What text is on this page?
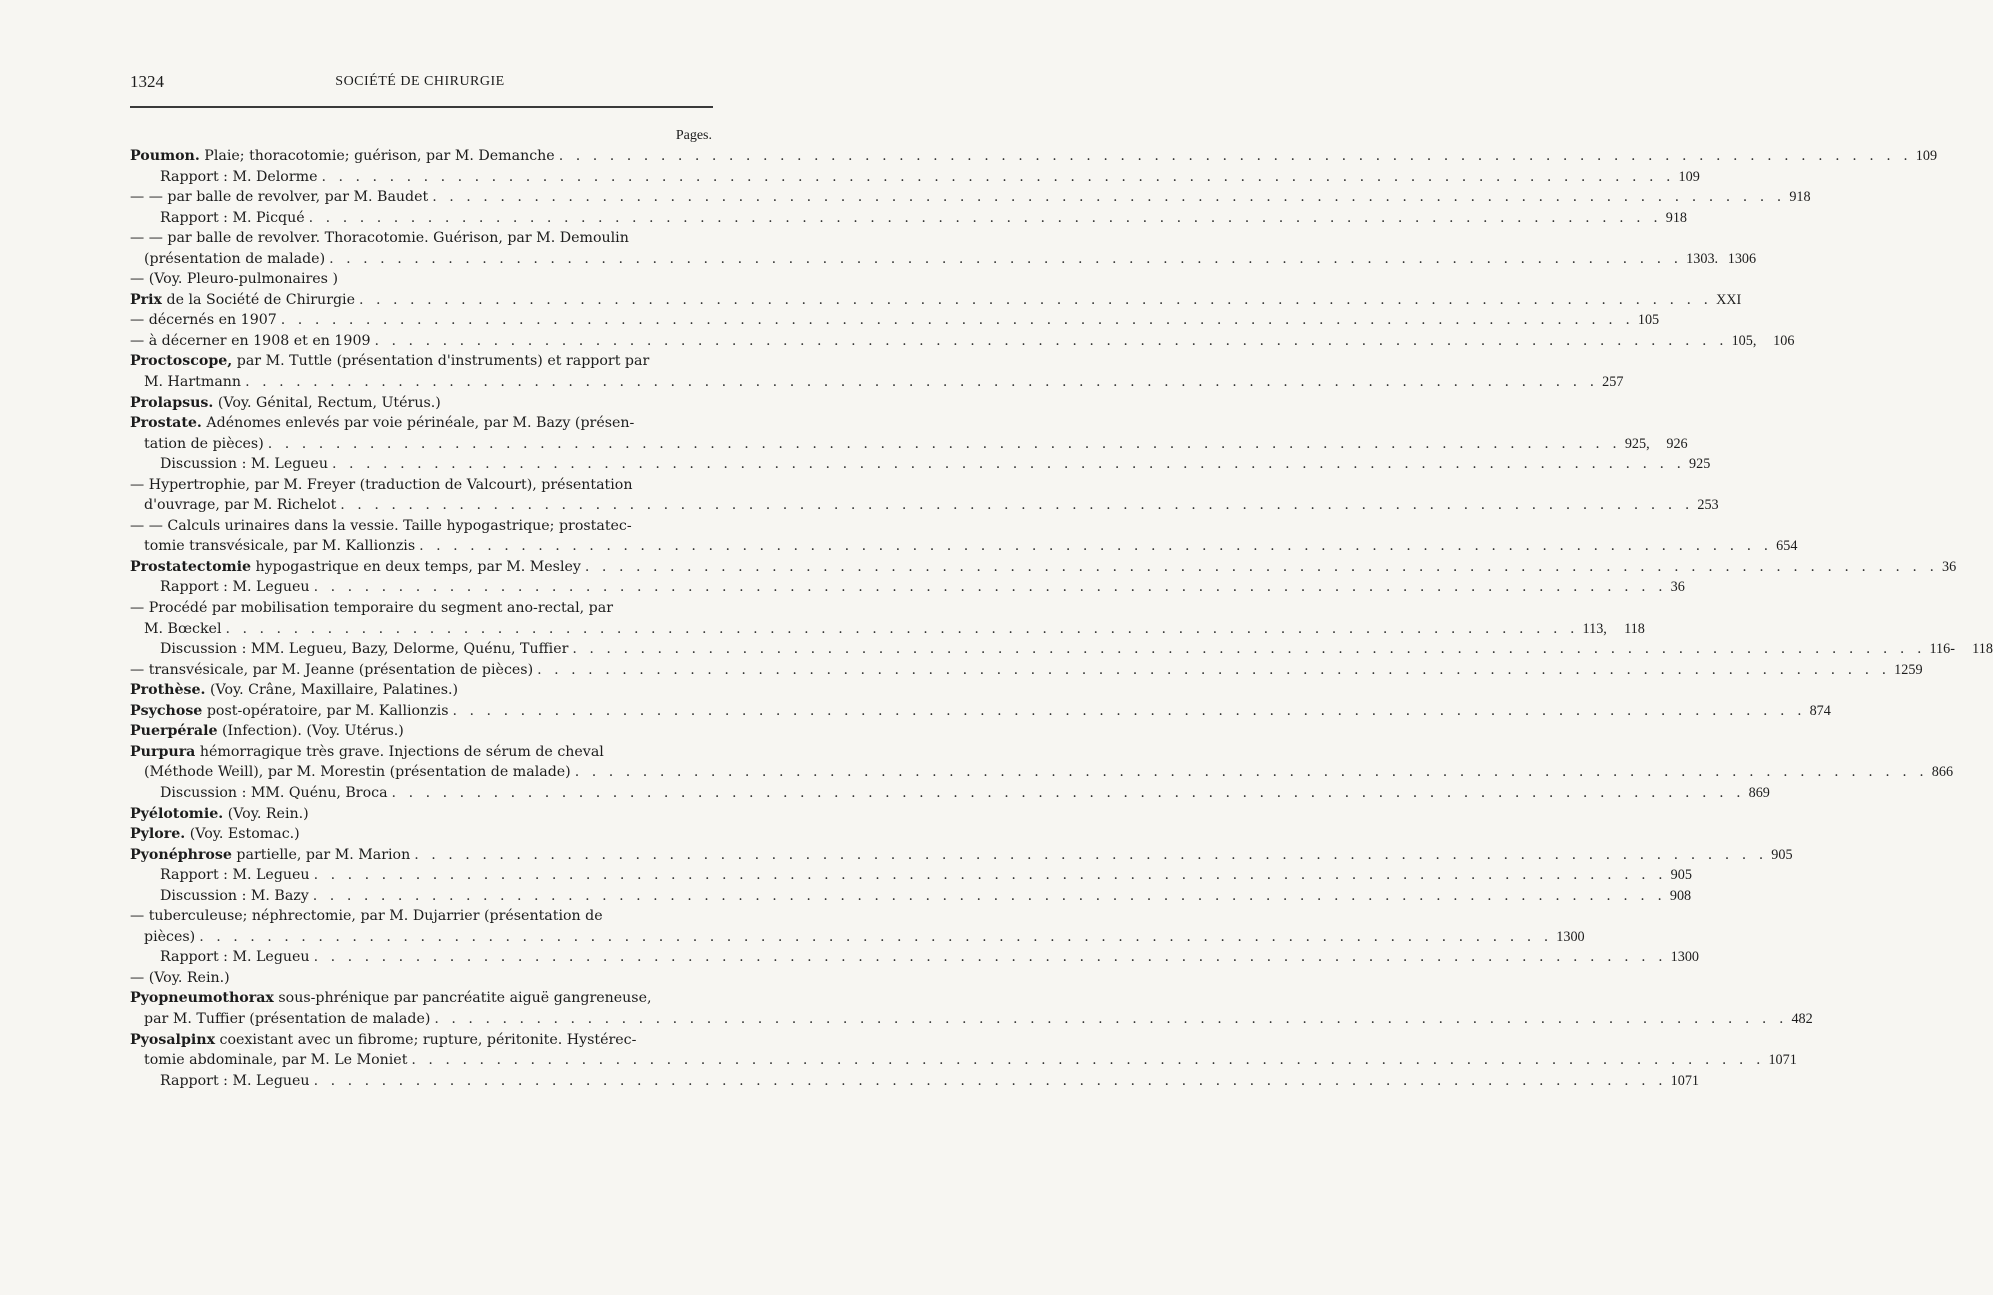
1324	SOCIÉTÉ DE CHIRURGIE
Pages.
Poumon. Plaie; thoracotomie; guérison, par M. Demanche . . . . . . . . . . . . . . . . . . . . . . . . . . . . . . . . . . . . . . . . . . . . . . . . . . . . . . . . . . . . . . . . . . . . . . . . . . . . . . . . 109
Rapport : M. Delorme . . . . . . . . . . . . . . . . . . . . . . . . . . . . . . . . . . . . . . . . . . . . . . . . . . . . . . . . . . . . . . . . . . . . . . . . . . . . . . . . 109
— — par balle de revolver, par M. Baudet . . . . . . . . . . . . . . . . . . . . . . . . . . . . . . . . . . . . . . . . . . . . . . . . . . . . . . . . . . . . . . . . . . . . . . . . . . . . . . . . 918
Rapport : M. Picqué . . . . . . . . . . . . . . . . . . . . . . . . . . . . . . . . . . . . . . . . . . . . . . . . . . . . . . . . . . . . . . . . . . . . . . . . . . . . . . . . 918
— — par balle de revolver. Thoracotomie. Guérison, par M. Demoulin
(présentation de malade) . . . . . . . . . . . . . . . . . . . . . . . . . . . . . . . . . . . . . . . . . . . . . . . . . . . . . . . . . . . . . . . . . . . . . . . . . . . . . . . . 1303. 1306
— (Voy. Pleuro-pulmonaires )
Prix de la Société de Chirurgie . . . . . . . . . . . . . . . . . . . . . . . . . . . . . . . . . . . . . . . . . . . . . . . . . . . . . . . . . . . . . . . . . . . . . . . . . . . . . . . . XXI
— décernés en 1907 . . . . . . . . . . . . . . . . . . . . . . . . . . . . . . . . . . . . . . . . . . . . . . . . . . . . . . . . . . . . . . . . . . . . . . . . . . . . . . . . 105
— à décerner en 1908 et en 1909 . . . . . . . . . . . . . . . . . . . . . . . . . . . . . . . . . . . . . . . . . . . . . . . . . . . . . . . . . . . . . . . . . . . . . . . . . . . . . . . . 105,	106
Proctoscope, par M. Tuttle (présentation d'instruments) et rapport par
M. Hartmann . . . . . . . . . . . . . . . . . . . . . . . . . . . . . . . . . . . . . . . . . . . . . . . . . . . . . . . . . . . . . . . . . . . . . . . . . . . . . . . . 257
Prolapsus. (Voy. Génital, Rectum, Utérus.)
Prostate. Adénomes enlevés par voie périnéale, par M. Bazy (présen-
tation de pièces) . . . . . . . . . . . . . . . . . . . . . . . . . . . . . . . . . . . . . . . . . . . . . . . . . . . . . . . . . . . . . . . . . . . . . . . . . . . . . . . . 925,	926
Discussion : M. Legueu . . . . . . . . . . . . . . . . . . . . . . . . . . . . . . . . . . . . . . . . . . . . . . . . . . . . . . . . . . . . . . . . . . . . . . . . . . . . . . . . 925
— Hypertrophie, par M. Freyer (traduction de Valcourt), présentation
d'ouvrage, par M. Richelot . . . . . . . . . . . . . . . . . . . . . . . . . . . . . . . . . . . . . . . . . . . . . . . . . . . . . . . . . . . . . . . . . . . . . . . . . . . . . . . . 253
— — Calculs urinaires dans la vessie. Taille hypogastrique; prostatec-
tomie transvésicale, par M. Kallionzis . . . . . . . . . . . . . . . . . . . . . . . . . . . . . . . . . . . . . . . . . . . . . . . . . . . . . . . . . . . . . . . . . . . . . . . . . . . . . . . . 654
Prostatectomie hypogastrique en deux temps, par M. Mesley . . . . . . . . . . . . . . . . . . . . . . . . . . . . . . . . . . . . . . . . . . . . . . . . . . . . . . . . . . . . . . . . . . . . . . . . . . . . . . . . 36
Rapport : M. Legueu . . . . . . . . . . . . . . . . . . . . . . . . . . . . . . . . . . . . . . . . . . . . . . . . . . . . . . . . . . . . . . . . . . . . . . . . . . . . . . . . 36
— Procédé par mobilisation temporaire du segment ano-rectal, par
M. Bœckel . . . . . . . . . . . . . . . . . . . . . . . . . . . . . . . . . . . . . . . . . . . . . . . . . . . . . . . . . . . . . . . . . . . . . . . . . . . . . . . . 113,	118
Discussion : MM. Legueu, Bazy, Delorme, Quénu, Tuffier . . . . . . . . . . . . . . . . . . . . . . . . . . . . . . . . . . . . . . . . . . . . . . . . . . . . . . . . . . . . . . . . . . . . . . . . . . . . . . . . 116-	118
— transvésicale, par M. Jeanne (présentation de pièces) . . . . . . . . . . . . . . . . . . . . . . . . . . . . . . . . . . . . . . . . . . . . . . . . . . . . . . . . . . . . . . . . . . . . . . . . . . . . . . . . 1259
Prothèse. (Voy. Crâne, Maxillaire, Palatines.)
Psychose post-opératoire, par M. Kallionzis . . . . . . . . . . . . . . . . . . . . . . . . . . . . . . . . . . . . . . . . . . . . . . . . . . . . . . . . . . . . . . . . . . . . . . . . . . . . . . . . 874
Puerpérale (Infection). (Voy. Utérus.)
Purpura hémorragique très grave. Injections de sérum de cheval
(Méthode Weill), par M. Morestin (présentation de malade) . . . . . . . . . . . . . . . . . . . . . . . . . . . . . . . . . . . . . . . . . . . . . . . . . . . . . . . . . . . . . . . . . . . . . . . . . . . . . . . . 866
Discussion : MM. Quénu, Broca . . . . . . . . . . . . . . . . . . . . . . . . . . . . . . . . . . . . . . . . . . . . . . . . . . . . . . . . . . . . . . . . . . . . . . . . . . . . . . . . 869
Pyélotomie. (Voy. Rein.)
Pylore. (Voy. Estomac.)
Pyonéphrose partielle, par M. Marion . . . . . . . . . . . . . . . . . . . . . . . . . . . . . . . . . . . . . . . . . . . . . . . . . . . . . . . . . . . . . . . . . . . . . . . . . . . . . . . . 905
Rapport : M. Legueu . . . . . . . . . . . . . . . . . . . . . . . . . . . . . . . . . . . . . . . . . . . . . . . . . . . . . . . . . . . . . . . . . . . . . . . . . . . . . . . . 905
Discussion : M. Bazy . . . . . . . . . . . . . . . . . . . . . . . . . . . . . . . . . . . . . . . . . . . . . . . . . . . . . . . . . . . . . . . . . . . . . . . . . . . . . . . . 908
— tuberculeuse; néphrectomie, par M. Dujarrier (présentation de
pièces) . . . . . . . . . . . . . . . . . . . . . . . . . . . . . . . . . . . . . . . . . . . . . . . . . . . . . . . . . . . . . . . . . . . . . . . . . . . . . . . . 1300
Rapport : M. Legueu . . . . . . . . . . . . . . . . . . . . . . . . . . . . . . . . . . . . . . . . . . . . . . . . . . . . . . . . . . . . . . . . . . . . . . . . . . . . . . . . 1300
— (Voy. Rein.)
Pyopneumothorax sous-phrénique par pancréatite aiguë gangreneuse,
par M. Tuffier (présentation de malade) . . . . . . . . . . . . . . . . . . . . . . . . . . . . . . . . . . . . . . . . . . . . . . . . . . . . . . . . . . . . . . . . . . . . . . . . . . . . . . . . 482
Pyosalpinx coexistant avec un fibrome; rupture, péritonite. Hystérec-
tomie abdominale, par M. Le Moniet . . . . . . . . . . . . . . . . . . . . . . . . . . . . . . . . . . . . . . . . . . . . . . . . . . . . . . . . . . . . . . . . . . . . . . . . . . . . . . . . 1071
Rapport : M. Legueu . . . . . . . . . . . . . . . . . . . . . . . . . . . . . . . . . . . . . . . . . . . . . . . . . . . . . . . . . . . . . . . . . . . . . . . . . . . . . . . . 1071
